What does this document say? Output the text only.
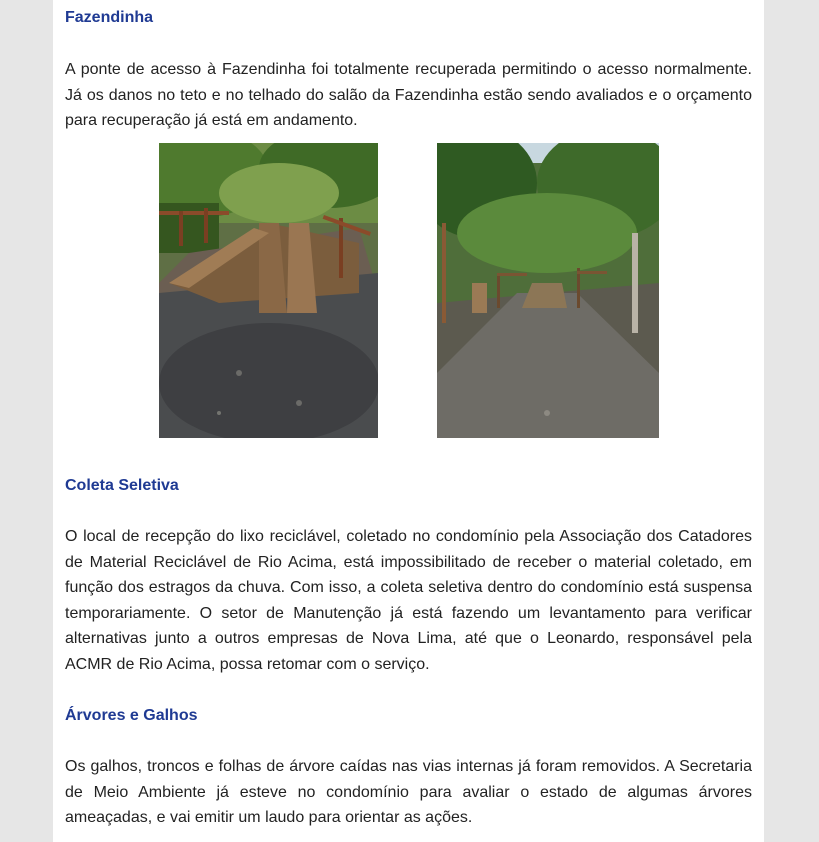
Fazendinha

A ponte de acesso à Fazendinha foi totalmente recuperada permitindo o acesso normalmente. Já os danos no teto e no telhado do salão da Fazendinha estão sendo avaliados e o orçamento para recuperação já está em andamento.

Coleta Seletiva

O local de recepção do lixo reciclável, coletado no condomínio pela Associação dos Catadores de Material Reciclável de Rio Acima, está impossibilitado de receber o material coletado, em função dos estragos da chuva. Com isso, a coleta seletiva dentro do condomínio está suspensa temporariamente. O setor de Manutenção já está fazendo um levantamento para verificar alternativas junto a outros empresas de Nova Lima, até que o Leonardo, responsável pela ACMR de Rio Acima, possa retomar com o serviço.

Árvores e Galhos

Os galhos, troncos e folhas de árvore caídas nas vias internas já foram removidos. A Secretaria de Meio Ambiente já esteve no condomínio para avaliar o estado de algumas árvores ameaçadas, e vai emitir um laudo para orientar as ações.
